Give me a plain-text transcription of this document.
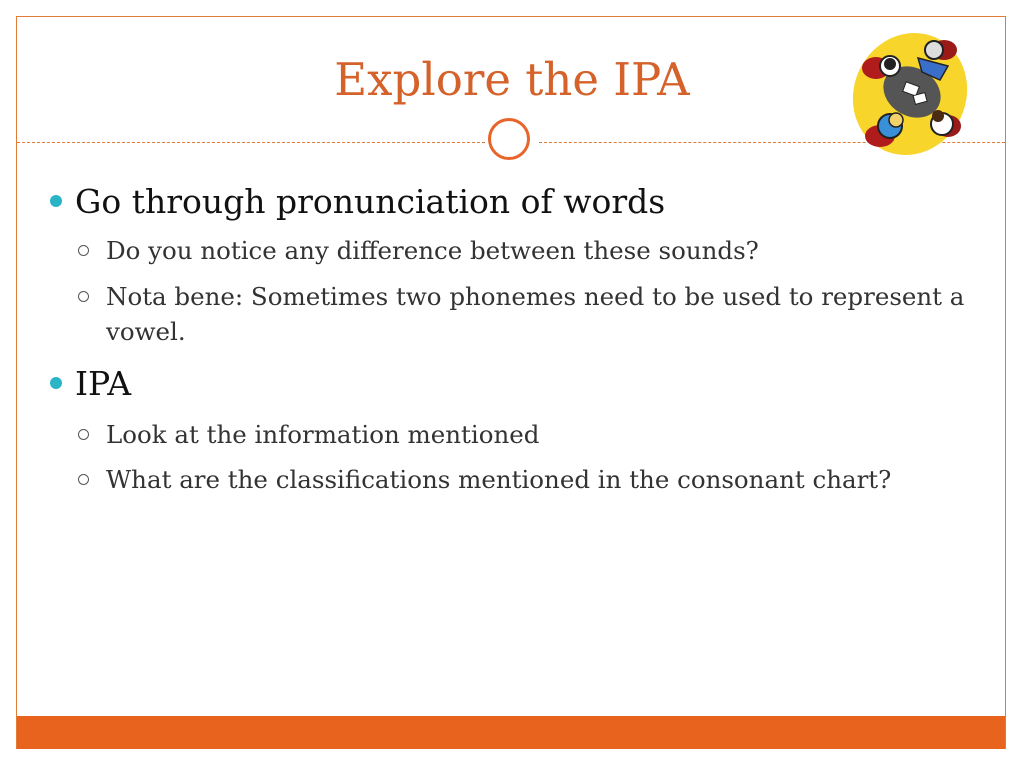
Explore the IPA
Go through pronunciation of words
Do you notice any difference between these sounds?
Nota bene: Sometimes two phonemes need to be used to represent a vowel.
IPA
Look at the information mentioned
What are the classifications mentioned in the consonant chart?
